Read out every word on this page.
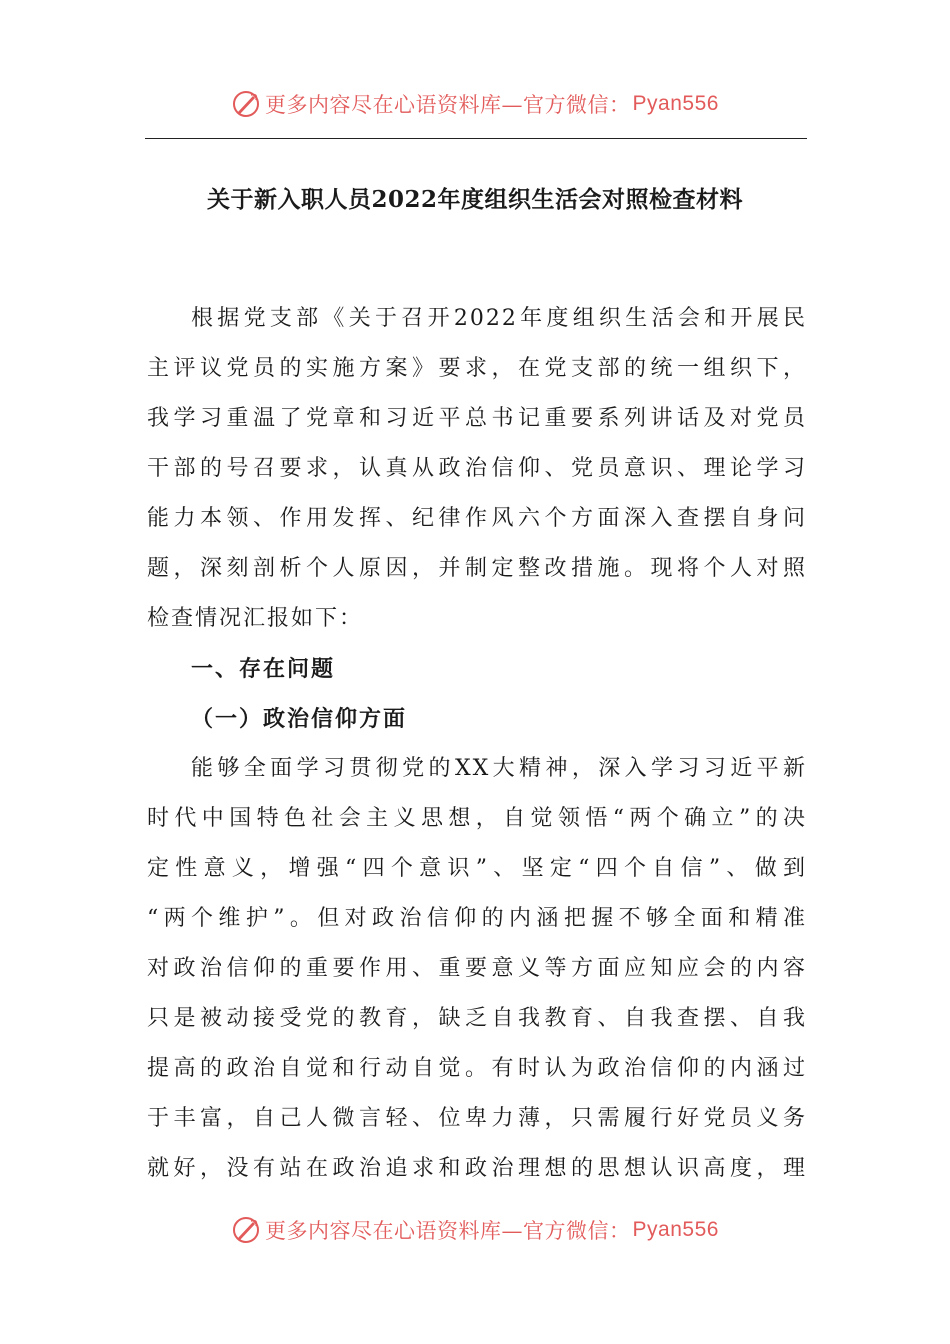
更多内容尽在心语资料库—官方微信： Pyan556
关于新入职人员2022年度组织生活会对照检查材料
根据党支部《关于召开2022年度组织生活会和开展民
主评议党员的实施方案》要求，在党支部的统一组织下，
我学习重温了党章和习近平总书记重要系列讲话及对党员
干部的号召要求，认真从政治信仰、党员意识、理论学习
能力本领、作用发挥、纪律作风六个方面深入查摆自身问
题，深刻剖析个人原因，并制定整改措施。现将个人对照
检查情况汇报如下：
一、存在问题
（一）政治信仰方面
能够全面学习贯彻党的XX大精神，深入学习习近平新
时代中国特色社会主义思想，自觉领悟“两个确立”的决
定性意义，增强“四个意识”、坚定“四个自信”、做到
“两个维护”。但对政治信仰的内涵把握不够全面和精准
对政治信仰的重要作用、重要意义等方面应知应会的内容
只是被动接受党的教育，缺乏自我教育、自我查摆、自我
提高的政治自觉和行动自觉。有时认为政治信仰的内涵过
于丰富，自己人微言轻、位卑力薄，只需履行好党员义务
就好，没有站在政治追求和政治理想的思想认识高度，理
更多内容尽在心语资料库—官方微信： Pyan556
